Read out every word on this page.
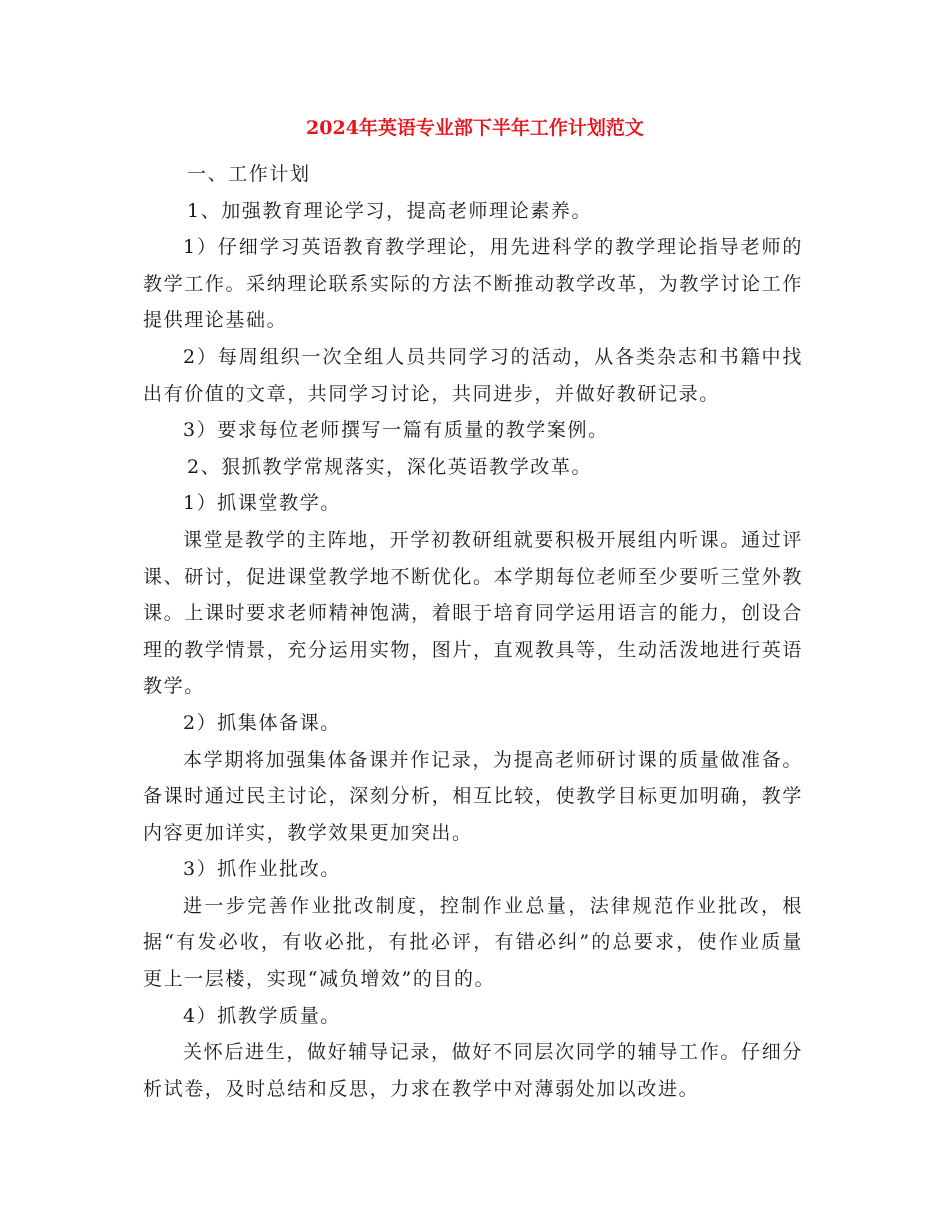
2024年英语专业部下半年工作计划范文

一、工作计划

1、加强教育理论学习，提高老师理论素养。

1）仔细学习英语教育教学理论，用先进科学的教学理论指导老师的教学工作。采纳理论联系实际的方法不断推动教学改革，为教学讨论工作提供理论基础。

2）每周组织一次全组人员共同学习的活动，从各类杂志和书籍中找出有价值的文章，共同学习讨论，共同进步，并做好教研记录。

3）要求每位老师撰写一篇有质量的教学案例。

2、狠抓教学常规落实，深化英语教学改革。

1）抓课堂教学。

课堂是教学的主阵地，开学初教研组就要积极开展组内听课。通过评课、研讨，促进课堂教学地不断优化。本学期每位老师至少要听三堂外教课。上课时要求老师精神饱满，着眼于培育同学运用语言的能力，创设合理的教学情景，充分运用实物，图片，直观教具等，生动活泼地进行英语教学。

2）抓集体备课。

本学期将加强集体备课并作记录，为提高老师研讨课的质量做准备。备课时通过民主讨论，深刻分析，相互比较，使教学目标更加明确，教学内容更加详实，教学效果更加突出。

3）抓作业批改。

进一步完善作业批改制度，控制作业总量，法律规范作业批改，根据“有发必收，有收必批，有批必评，有错必纠”的总要求，使作业质量更上一层楼，实现“减负增效”的目的。

4）抓教学质量。

关怀后进生，做好辅导记录，做好不同层次同学的辅导工作。仔细分析试卷，及时总结和反思，力求在教学中对薄弱处加以改进。
